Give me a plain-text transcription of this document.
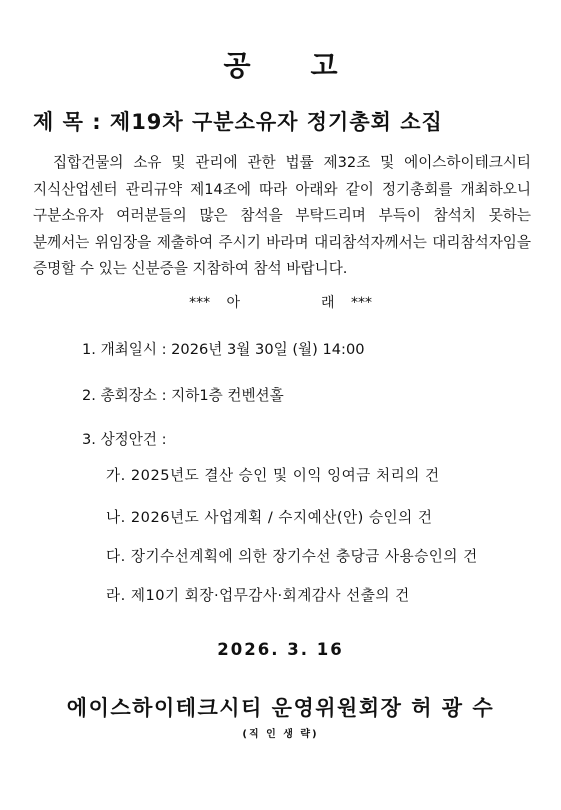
공고
제 목 : 제19차 구분소유자 정기총회 소집
집합건물의 소유 및 관리에 관한 법률 제32조 및 에이스하이테크시티 지식산업센터 관리규약 제14조에 따라 아래와 같이 정기총회를 개최하오니 구분소유자 여러분들의 많은 참석을 부탁드리며 부득이 참석치 못하는 분께서는 위임장을 제출하여 주시기 바라며 대리참석자께서는 대리참석자임을 증명할 수 있는 신분증을 지참하여 참석 바랍니다.
*** 아	래 ***
1. 개최일시 : 2026년 3월 30일 (월) 14:00
2. 총회장소 : 지하1층 컨벤션홀
3. 상정안건 :
가. 2025년도 결산 승인 및 이익 잉여금 처리의 건
나. 2026년도 사업계획 / 수지예산(안) 승인의 건
다. 장기수선계획에 의한 장기수선 충당금 사용승인의 건
라. 제10기 회장·업무감사·회계감사 선출의 건
2026. 3. 16
에이스하이테크시티 운영위원회장 허 광 수
(직 인 생 략)
